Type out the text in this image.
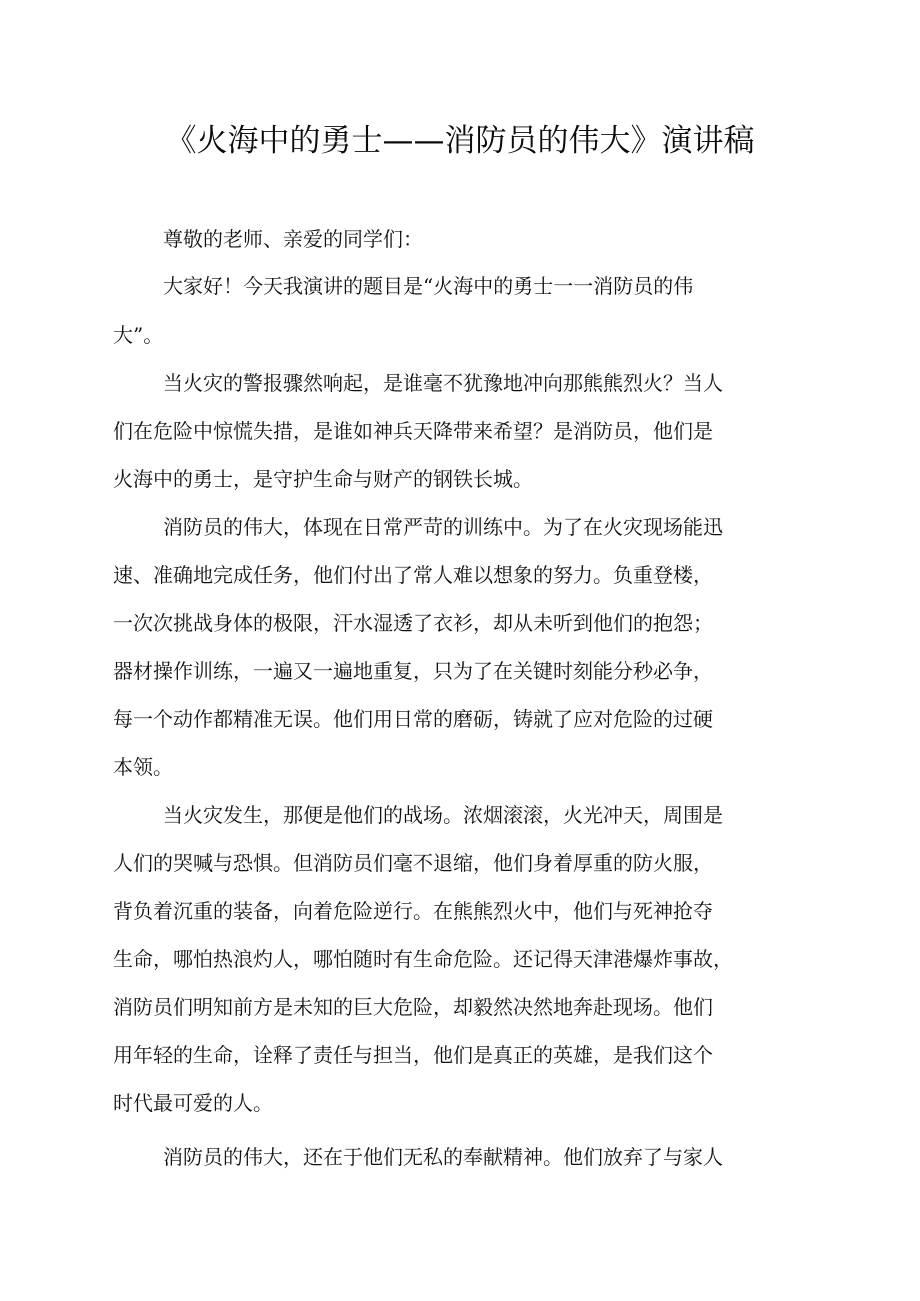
《火海中的勇士——消防员的伟大》演讲稿
尊敬的老师、亲爱的同学们：
大家好！今天我演讲的题目是“火海中的勇士一一消防员的伟
大”。
当火灾的警报骤然响起，是谁毫不犹豫地冲向那熊熊烈火？当人
们在危险中惊慌失措，是谁如神兵天降带来希望？是消防员，他们是
火海中的勇士，是守护生命与财产的钢铁长城。
消防员的伟大，体现在日常严苛的训练中。为了在火灾现场能迅
速、准确地完成任务，他们付出了常人难以想象的努力。负重登楼，
一次次挑战身体的极限，汗水湿透了衣衫，却从未听到他们的抱怨；
器材操作训练，一遍又一遍地重复，只为了在关键时刻能分秒必争，
每一个动作都精准无误。他们用日常的磨砺，铸就了应对危险的过硬
本领。
当火灾发生，那便是他们的战场。浓烟滚滚，火光冲天，周围是
人们的哭喊与恐惧。但消防员们毫不退缩，他们身着厚重的防火服，
背负着沉重的装备，向着危险逆行。在熊熊烈火中，他们与死神抢夺
生命，哪怕热浪灼人，哪怕随时有生命危险。还记得天津港爆炸事故，
消防员们明知前方是未知的巨大危险，却毅然决然地奔赴现场。他们
用年轻的生命，诠释了责任与担当，他们是真正的英雄，是我们这个
时代最可爱的人。
消防员的伟大，还在于他们无私的奉献精神。他们放弃了与家人
